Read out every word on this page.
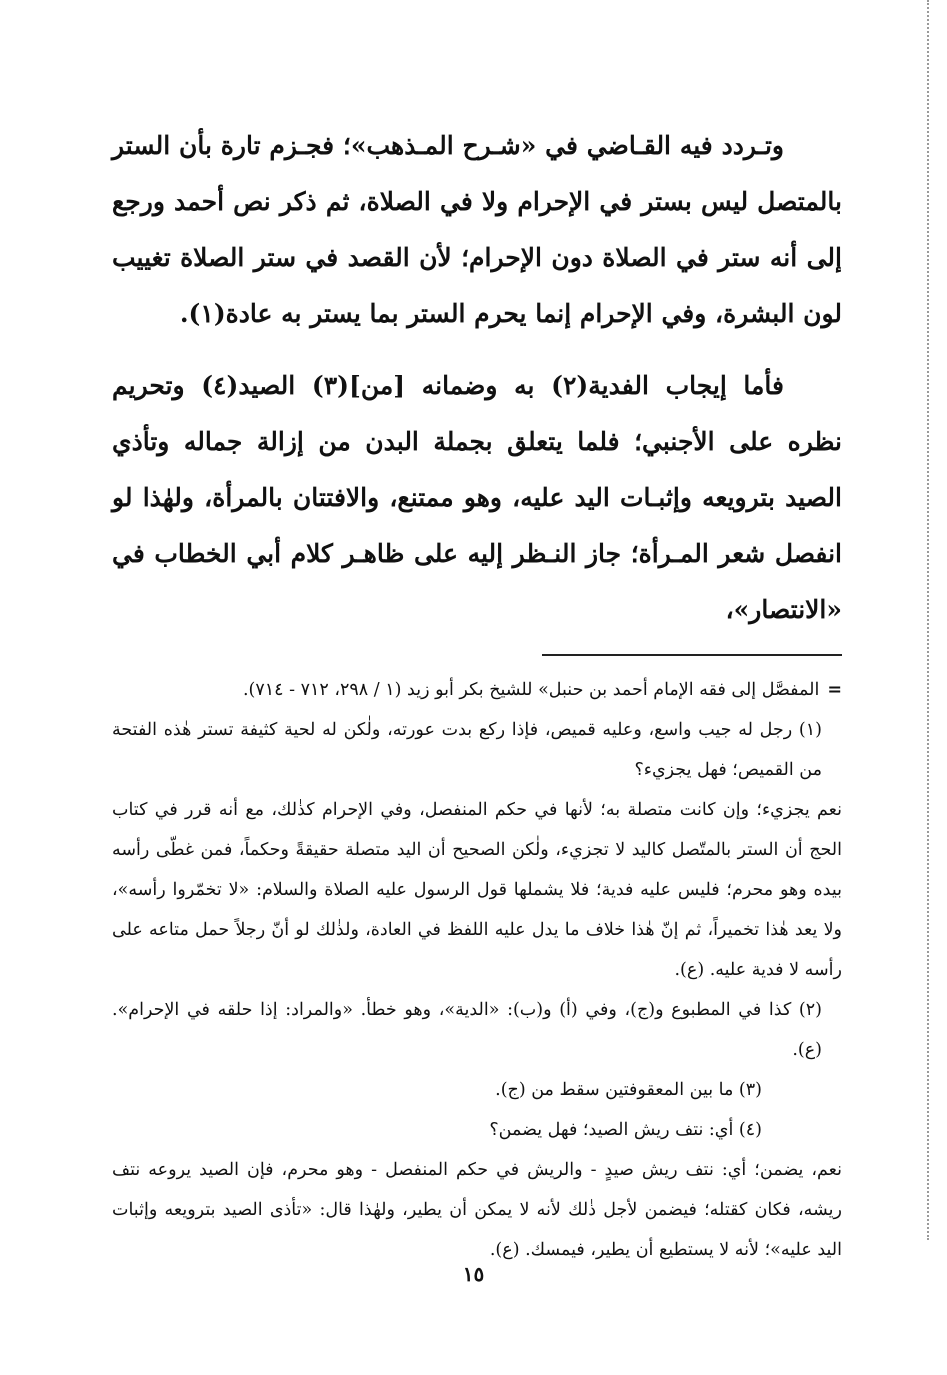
وتـردد فيه القـاضي في «شـرح المـذهب»؛ فجـزم تارة بأن الستر بالمتصل ليس بستر في الإحرام ولا في الصلاة، ثم ذكر نص أحمد ورجع إلى أنه ستر في الصلاة دون الإحرام؛ لأن القصد في ستر الصلاة تغييب لون البشرة، وفي الإحرام إنما يحرم الستر بما يستر به عادة(١).

فأما إيجاب الفدية(٢) به وضمانه [من](٣) الصيد(٤) وتحريم نظره على الأجنبي؛ فلما يتعلق بجملة البدن من إزالة جماله وتأذي الصيد بترويعه وإثبـات اليد عليه، وهو ممتنع، والافتتان بالمرأة، ولهٰذا لو انفصل شعر المـرأة؛ جاز النـظر إليه على ظاهـر كلام أبي الخطاب في «الانتصار»،

=المفصَّل إلى فقه الإمام أحمد بن حنبل» للشيخ بكر أبو زيد (١ / ٢٩٨، ٧١٢ - ٧١٤).

(١) رجل له جيب واسع، وعليه قميص، فإذا ركع بدت عورته، ولٰكن له لحية كثيفة تستر هٰذه الفتحة من القميص؛ فهل يجزيء؟

نعم يجزيء؛ وإن كانت متصلة به؛ لأنها في حكم المنفصل، وفي الإحرام كذٰلك، مع أنه قرر في كتاب الحج أن الستر بالمتّصل كاليد لا تجزيء، ولٰكن الصحيح أن اليد متصلة حقيقةً وحكماً، فمن غطّى رأسه بيده وهو محرم؛ فليس عليه فدية؛ فلا يشملها قول الرسول عليه الصلاة والسلام: «لا تخمّروا رأسه»، ولا يعد هٰذا تخميراً، ثم إنّ هٰذا خلاف ما يدل عليه اللفظ في العادة، ولذٰلك لو أنّ رجلاً حمل متاعه على رأسه لا فدية عليه. (ع).

(٢) كذا في المطبوع و(ج)، وفي (أ) و(ب): «الدية»، وهو خطأ. «والمراد: إذا حلقه في الإحرام». (ع).

(٣) ما بين المعقوفتين سقط من (ج).

(٤) أي: نتف ريش الصيد؛ فهل يضمن؟

نعم، يضمن؛ أي: نتف ريش صيدٍ - والريش في حكم المنفصل - وهو محرم، فإن الصيد يروعه نتف ريشه، فكان كقتله؛ فيضمن لأجل ذٰلك لأنه لا يمكن أن يطير، ولهٰذا قال: «تأذى الصيد بترويعه وإثبات اليد عليه»؛ لأنه لا يستطيع أن يطير، فيمسك. (ع).

١٥
